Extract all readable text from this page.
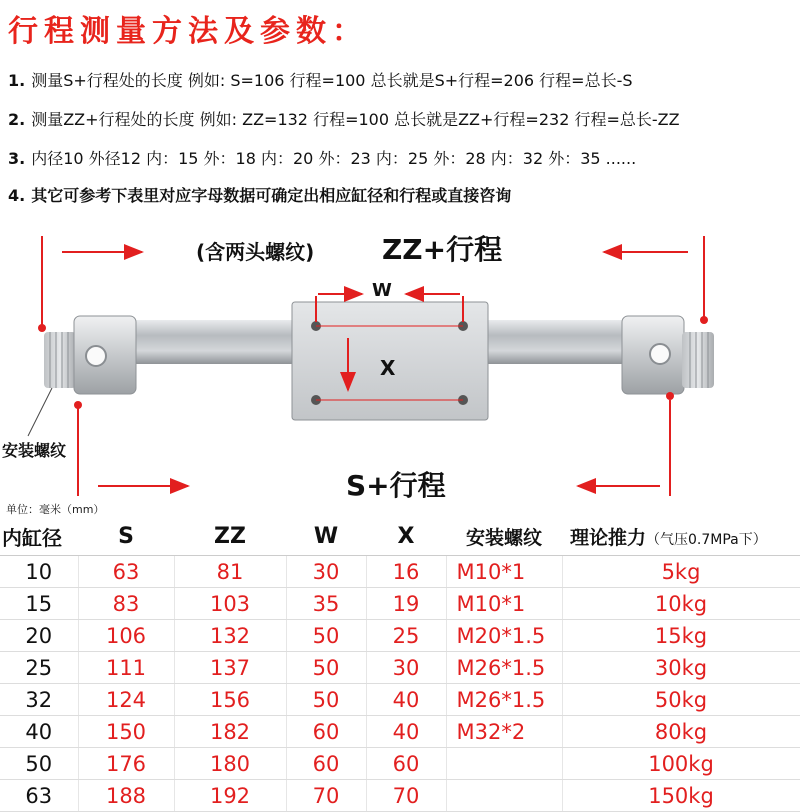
行程测量方法及参数：
1. 测量S+行程处的长度 例如: S=106 行程=100 总长就是S+行程=206 行程=总长-S
2. 测量ZZ+行程处的长度 例如: ZZ=132 行程=100 总长就是ZZ+行程=232 行程=总长-ZZ
3. 内径10 外径12 内：15 外：18 内：20 外：23 内：25 外：28 内：32 外：35 ......
4. 其它可参考下表里对应字母数据可确定出相应缸径和行程或直接咨询
(含两头螺纹) ZZ+行程
W
X
安装螺纹
S+行程
单位：毫米（mm）
内缸径	S	ZZ	W	X	安装螺纹	理论推力（气压0.7MPa下）
10	63	81	30	16	M10*1	5kg
15	83	103	35	19	M10*1	10kg
20	106	132	50	25	M20*1.5	15kg
25	111	137	50	30	M26*1.5	30kg
32	124	156	50	40	M26*1.5	50kg
40	150	182	60	40	M32*2	80kg
50	176	180	60	60		100kg
63	188	192	70	70		150kg
